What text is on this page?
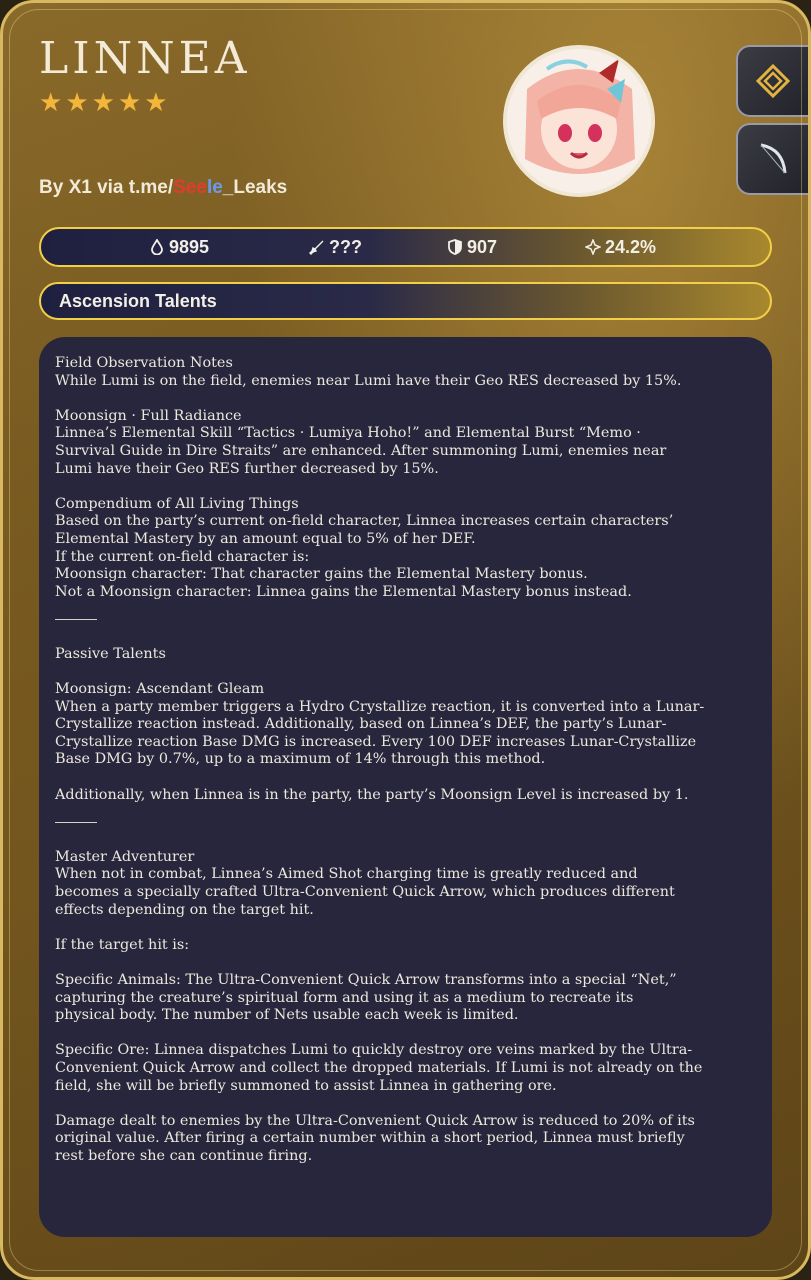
LINNEA
★ ★ ★ ★ ★
By X1 via t.me/Seele_Leaks
9895	???	907	24.2%
Ascension Talents
Field Observation Notes
While Lumi is on the field, enemies near Lumi have their Geo RES decreased by 15%.
Moonsign · Full Radiance
Linnea’s Elemental Skill “Tactics · Lumiya Hoho!” and Elemental Burst “Memo ·
Survival Guide in Dire Straits” are enhanced. After summoning Lumi, enemies near
Lumi have their Geo RES further decreased by 15%.
Compendium of All Living Things
Based on the party’s current on-field character, Linnea increases certain characters’
Elemental Mastery by an amount equal to 5% of her DEF.
If the current on-field character is:
Moonsign character: That character gains the Elemental Mastery bonus.
Not a Moonsign character: Linnea gains the Elemental Mastery bonus instead.
Passive Talents
Moonsign: Ascendant Gleam
When a party member triggers a Hydro Crystallize reaction, it is converted into a Lunar-
Crystallize reaction instead. Additionally, based on Linnea’s DEF, the party’s Lunar-
Crystallize reaction Base DMG is increased. Every 100 DEF increases Lunar-Crystallize
Base DMG by 0.7%, up to a maximum of 14% through this method.
Additionally, when Linnea is in the party, the party’s Moonsign Level is increased by 1.
Master Adventurer
When not in combat, Linnea’s Aimed Shot charging time is greatly reduced and
becomes a specially crafted Ultra-Convenient Quick Arrow, which produces different
effects depending on the target hit.
If the target hit is:
Specific Animals: The Ultra-Convenient Quick Arrow transforms into a special “Net,”
capturing the creature’s spiritual form and using it as a medium to recreate its
physical body. The number of Nets usable each week is limited.
Specific Ore: Linnea dispatches Lumi to quickly destroy ore veins marked by the Ultra-
Convenient Quick Arrow and collect the dropped materials. If Lumi is not already on the
field, she will be briefly summoned to assist Linnea in gathering ore.
Damage dealt to enemies by the Ultra-Convenient Quick Arrow is reduced to 20% of its
original value. After firing a certain number within a short period, Linnea must briefly
rest before she can continue firing.
